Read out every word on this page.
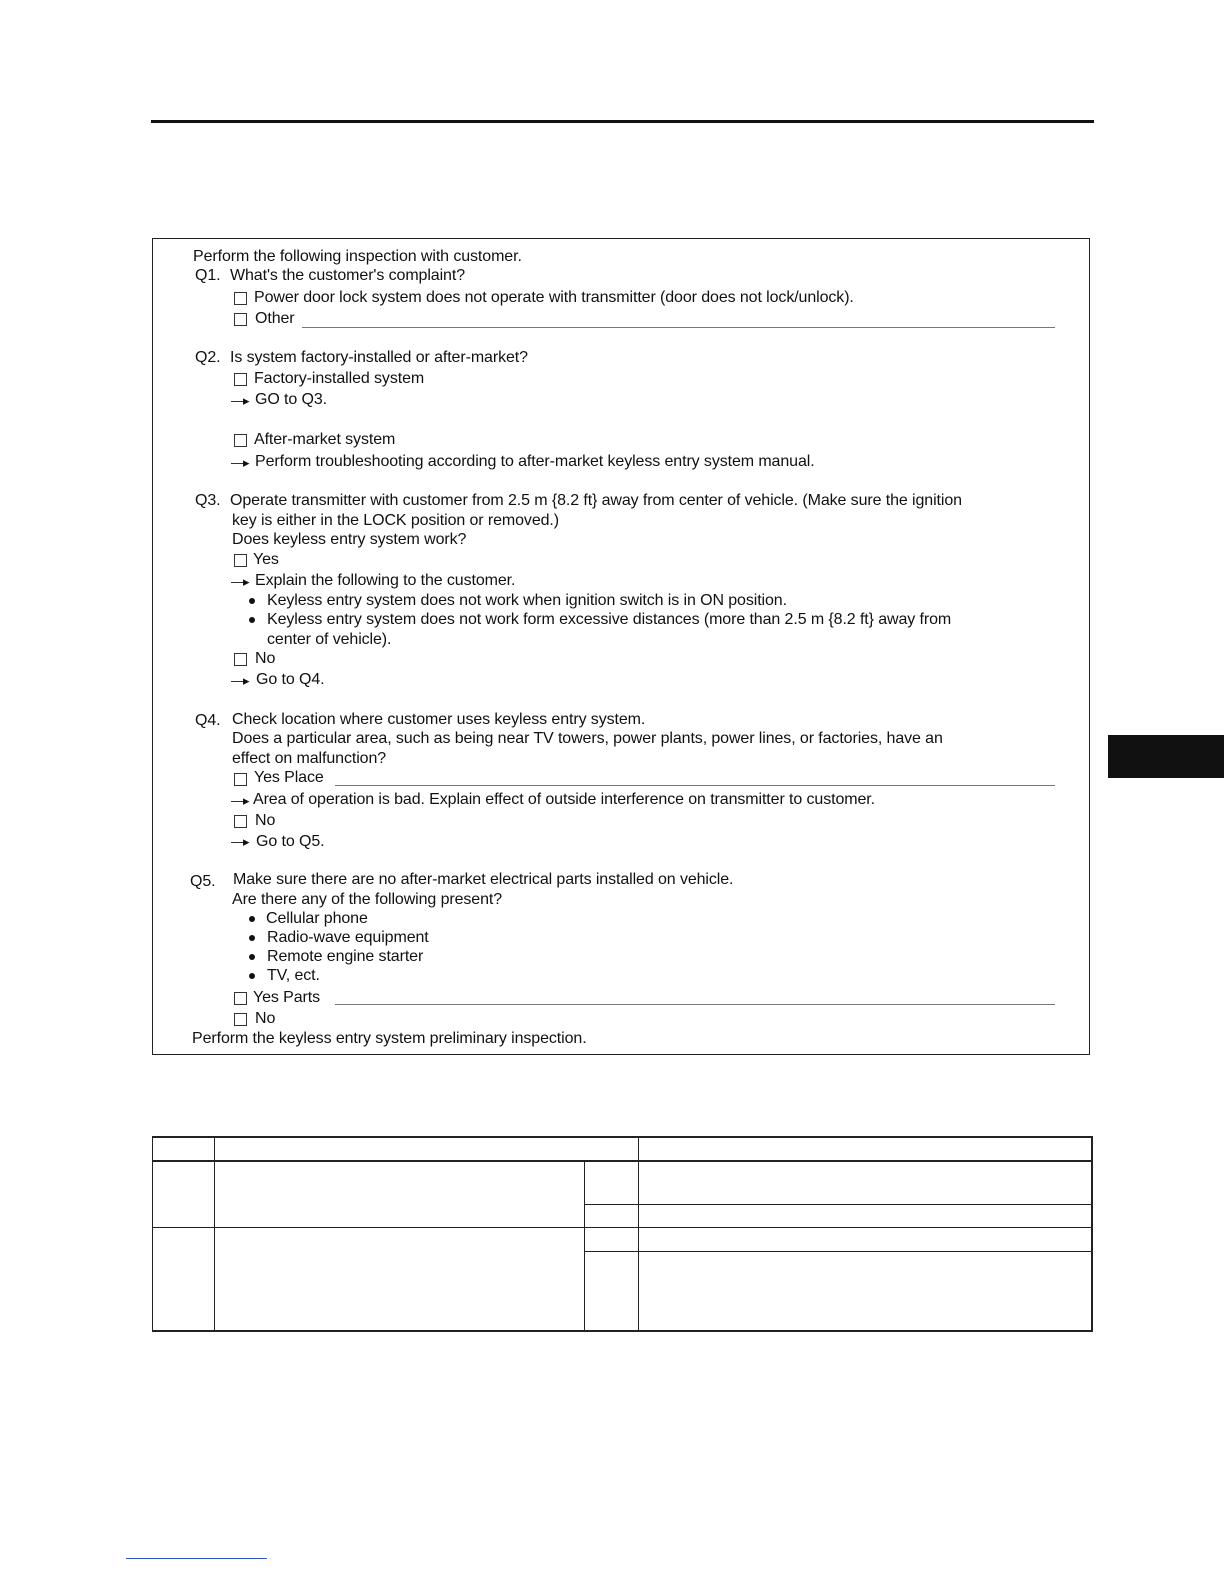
Perform the following inspection with customer.
Q1. What's the customer's complaint?
Power door lock system does not operate with transmitter (door does not lock/unlock).
Other
Q2. Is system factory-installed or after-market?
Factory-installed system
—▸ GO to Q3.
After-market system
—▸ Perform troubleshooting according to after-market keyless entry system manual.
Q3. Operate transmitter with customer from 2.5 m {8.2 ft} away from center of vehicle. (Make sure the ignition
key is either in the LOCK position or removed.)
Does keyless entry system work?
Yes
—▸ Explain the following to the customer.
Keyless entry system does not work when ignition switch is in ON position.
Keyless entry system does not work form excessive distances (more than 2.5 m {8.2 ft} away from
center of vehicle).
No
—▸ Go to Q4.
Q4. Check location where customer uses keyless entry system.
Does a particular area, such as being near TV towers, power plants, power lines, or factories, have an
effect on malfunction?
Yes Place
—▸ Area of operation is bad. Explain effect of outside interference on transmitter to customer.
No
—▸ Go to Q5.
Q5. Make sure there are no after-market electrical parts installed on vehicle.
Are there any of the following present?
Cellular phone
Radio-wave equipment
Remote engine starter
TV, ect.
Yes Parts
No
Perform the keyless entry system preliminary inspection.
